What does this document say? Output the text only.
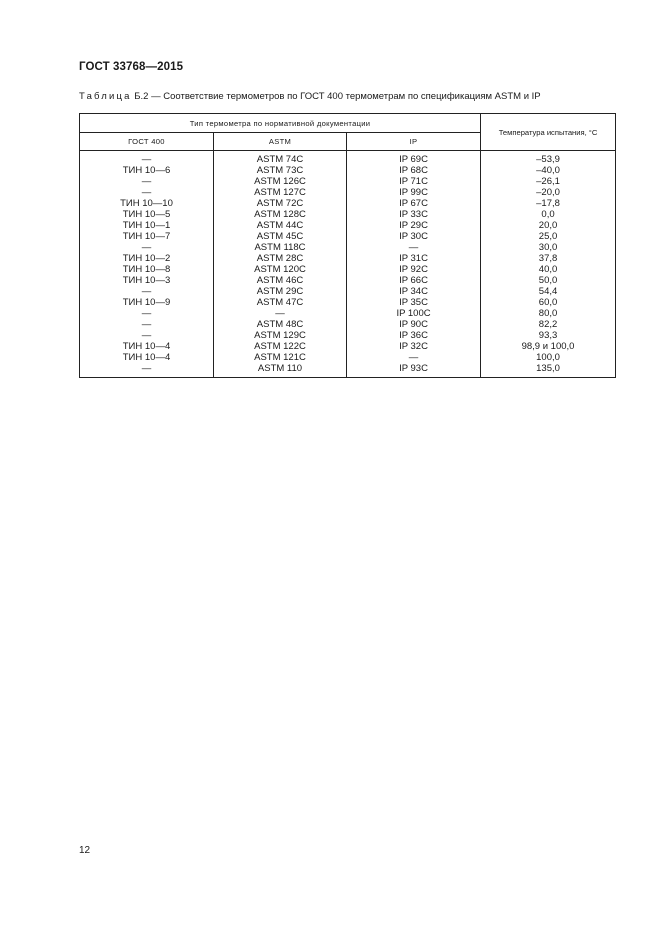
ГОСТ 33768—2015
Таблица Б.2 — Соответствие термометров по ГОСТ 400 термометрам по спецификациям ASTM и IP
Тип термометра по нормативной документации			Температура испытания, °С
ГОСТ 400	ASTM	IP	
—	ASTM 74С	IP 69С	–53,9
ТИН 10—6	ASTM 73С	IP 68С	–40,0
—	ASTM 126С	IP 71С	–26,1
—	ASTM 127С	IP 99С	–20,0
ТИН 10—10	ASTM 72С	IP 67С	–17,8
ТИН 10—5	ASTM 128С	IP 33С	0,0
ТИН 10—1	ASTM 44С	IP 29С	20,0
ТИН 10—7	ASTM 45С	IP 30С	25,0
—	ASTM 118С	—	30,0
ТИН 10—2	ASTM 28С	IP 31С	37,8
ТИН 10—8	ASTM 120С	IP 92С	40,0
ТИН 10—3	ASTM 46С	IP 66С	50,0
—	ASTM 29С	IP 34С	54,4
ТИН 10—9	ASTM 47С	IP 35С	60,0
—	—	IP 100С	80,0
—	ASTM 48С	IP 90С	82,2
—	ASTM 129С	IP 36С	93,3
ТИН 10—4	ASTM 122С	IP 32С	98,9 и 100,0
ТИН 10—4	ASTM 121С	—	100,0
—	ASTM 110	IP 93С	135,0
12
